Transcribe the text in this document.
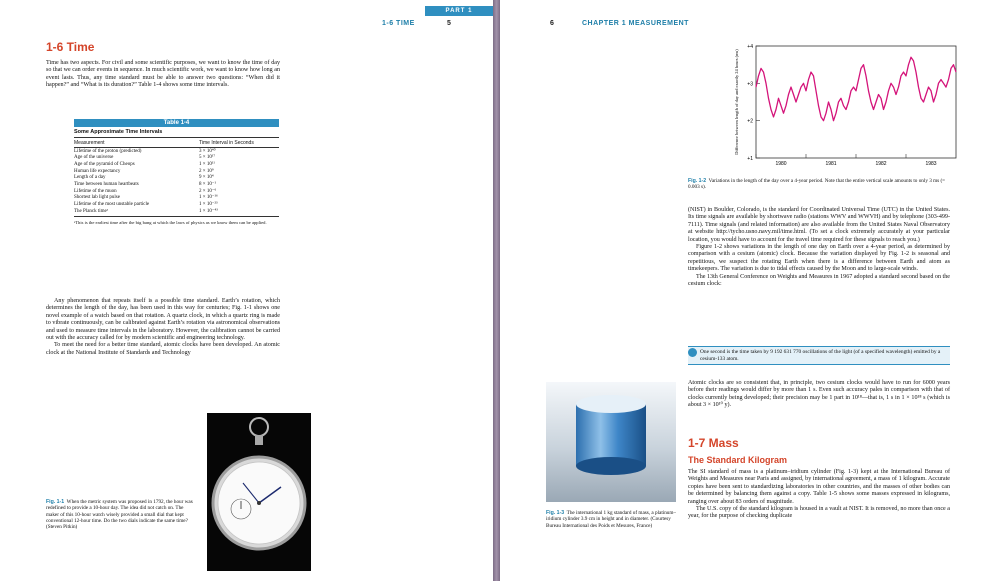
PART 1
1-6 TIME	5
1-6 Time

Time has two aspects. For civil and some scientific purposes, we want to know the time of day so that we can order events in sequence. In much scientific work, we want to know how long an event lasts. Thus, any time standard must be able to answer two questions: “When did it happen?” and “What is its duration?” Table 1-4 shows some time intervals.

Table 1-4
Some Approximate Time Intervals
Measurement	Time Interval in Seconds
Lifetime of the proton (predicted)	3 × 10⁴⁰
Age of the universe	5 × 10¹⁷
Age of the pyramid of Cheops	1 × 10¹¹
Human life expectancy	2 × 10⁹
Length of a day	9 × 10⁴
Time between human heartbeats	8 × 10⁻¹
Lifetime of the muon	2 × 10⁻⁶
Shortest lab light pulse	1 × 10⁻¹⁶
Lifetime of the most unstable particle	1 × 10⁻²³
The Planck timeᵃ	1 × 10⁻⁴³
ᵃThis is the earliest time after the big bang at which the laws of physics as we know them can be applied.

Any phenomenon that repeats itself is a possible time standard. Earth’s rotation, which determines the length of the day, has been used in this way for centuries; Fig. 1-1 shows one novel example of a watch based on that rotation. A quartz clock, in which a quartz ring is made to vibrate continuously, can be calibrated against Earth’s rotation via astronomical observations and used to measure time intervals in the laboratory. However, the calibration cannot be carried out with the accuracy called for by modern scientific and engineering technology.

To meet the need for a better time standard, atomic clocks have been developed. An atomic clock at the National Institute of Standards and Technology

Fig. 1-1 When the metric system was proposed in 1792, the hour was redefined to provide a 10-hour day. The idea did not catch on. The maker of this 10-hour watch wisely provided a small dial that kept conventional 12-hour time. Do the two dials indicate the same time? (Steven Pitkin)
6	CHAPTER 1 MEASUREMENT
+4
+3
+2
+1
1980	1981	1982	1983
Difference between length of day and exactly 24 hours (ms)
Fig. 1-2 Variations in the length of the day over a 4-year period. Note that the entire vertical scale amounts to only 3 ms (= 0.003 s).

(NIST) in Boulder, Colorado, is the standard for Coordinated Universal Time (UTC) in the United States. Its time signals are available by shortwave radio (stations WWV and WWVH) and by telephone (303-499-7111). Time signals (and related information) are also available from the United States Naval Observatory at website http://tycho.usno.navy.mil/time.html. (To set a clock extremely accurately at your particular location, you would have to account for the travel time required for these signals to reach you.)

Figure 1-2 shows variations in the length of one day on Earth over a 4-year period, as determined by comparison with a cesium (atomic) clock. Because the variation displayed by Fig. 1-2 is seasonal and repetitious, we suspect the rotating Earth when there is a difference between Earth and atom as timekeepers. The variation is due to tidal effects caused by the Moon and to large-scale winds.

The 13th General Conference on Weights and Measures in 1967 adopted a standard second based on the cesium clock:

One second is the time taken by 9 192 631 770 oscillations of the light (of a specified wavelength) emitted by a cesium-133 atom.

Atomic clocks are so consistent that, in principle, two cesium clocks would have to run for 6000 years before their readings would differ by more than 1 s. Even such accuracy pales in comparison with that of clocks currently being developed; their precision may be 1 part in 10¹⁸—that is, 1 s in 1 × 10¹⁸ s (which is about 3 × 10¹⁰ y).

1-7 Mass
The Standard Kilogram

The SI standard of mass is a platinum–iridium cylinder (Fig. 1-3) kept at the International Bureau of Weights and Measures near Paris and assigned, by international agreement, a mass of 1 kilogram. Accurate copies have been sent to standardizing laboratories in other countries, and the masses of other bodies can be determined by balancing them against a copy. Table 1-5 shows some masses expressed in kilograms, ranging over about 83 orders of magnitude.

The U.S. copy of the standard kilogram is housed in a vault at NIST. It is removed, no more than once a year, for the purpose of checking duplicate

Fig. 1-3 The international 1 kg standard of mass, a platinum–iridium cylinder 3.9 cm in height and in diameter. (Courtesy Bureau International des Poids et Mesures, France)
